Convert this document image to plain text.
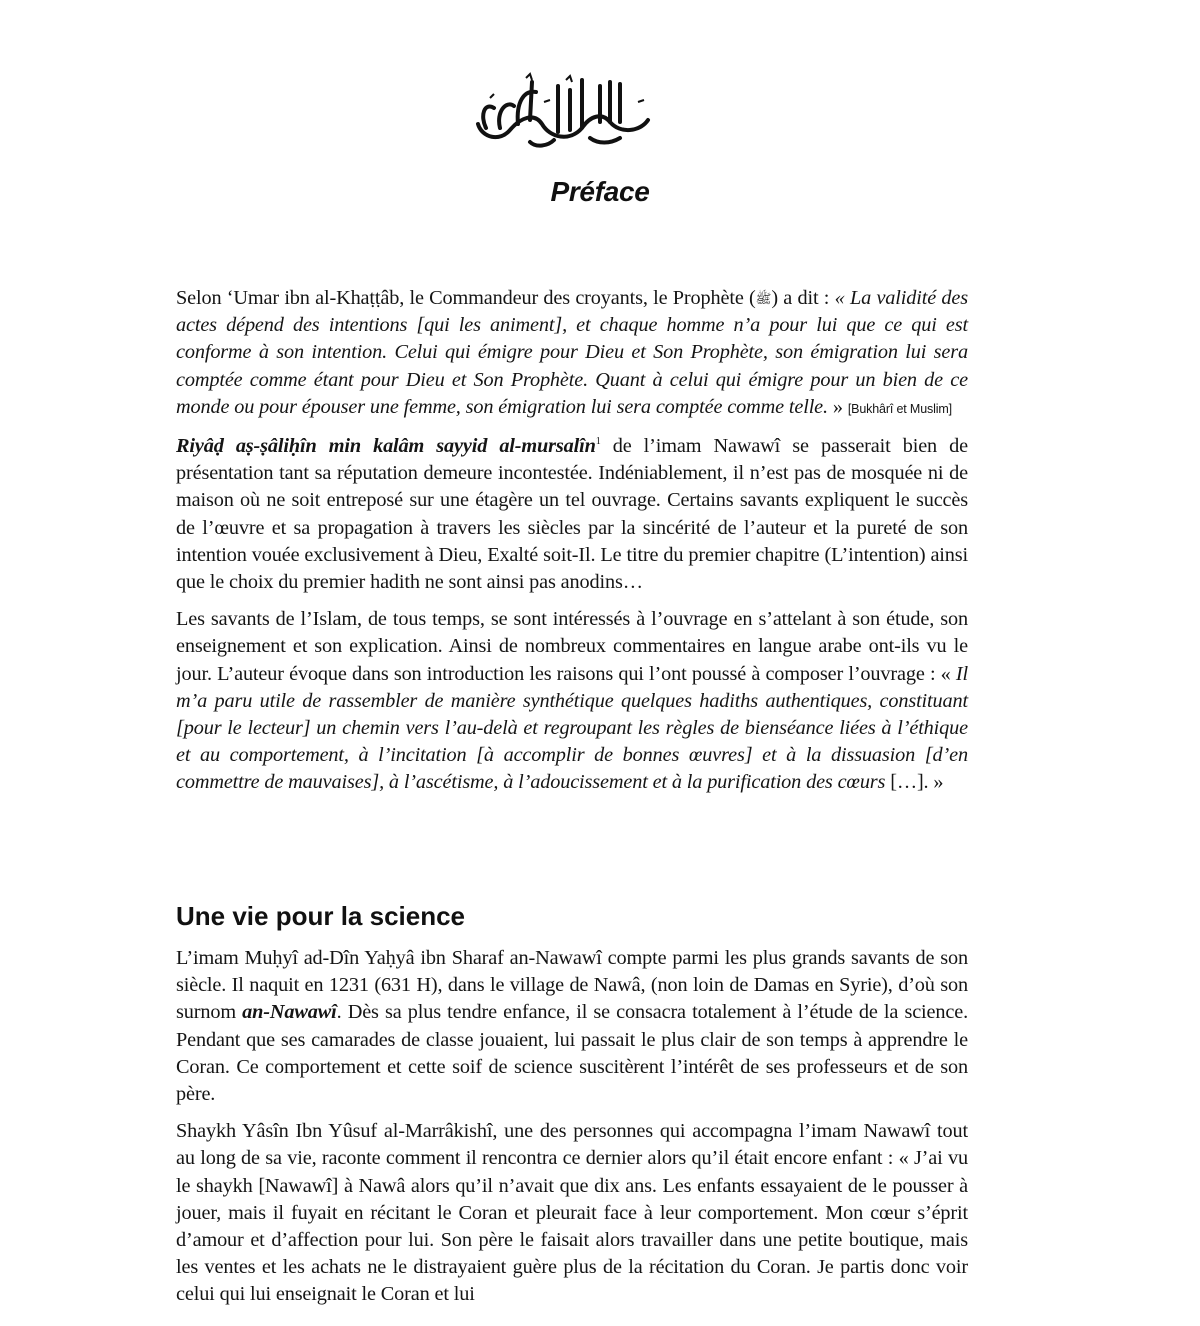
Préface

Selon ‘Umar ibn al-Khaṭṭâb, le Commandeur des croyants, le Prophète (ﷺ) a dit : « La validité des actes dépend des intentions [qui les animent], et chaque homme n’a pour lui que ce qui est conforme à son intention. Celui qui émigre pour Dieu et Son Prophète, son émigration lui sera comptée comme étant pour Dieu et Son Prophète. Quant à celui qui émigre pour un bien de ce monde ou pour épouser une femme, son émigration lui sera comptée comme telle. » [Bukhârî et Muslim]

Riyâḍ aṣ-ṣâliḥîn min kalâm sayyid al-mursalîn$^1$ de l’imam Nawawî se passerait bien de présentation tant sa réputation demeure incontestée. Indéniablement, il n’est pas de mosquée ni de maison où ne soit entreposé sur une étagère un tel ouvrage. Certains savants expliquent le succès de l’œuvre et sa propagation à travers les siècles par la sincérité de l’auteur et la pureté de son intention vouée exclusivement à Dieu, Exalté soit-Il. Le titre du premier chapitre (L’intention) ainsi que le choix du premier hadith ne sont ainsi pas anodins…

Les savants de l’Islam, de tous temps, se sont intéressés à l’ouvrage en s’attelant à son étude, son enseignement et son explication. Ainsi de nombreux commentaires en langue arabe ont-ils vu le jour. L’auteur évoque dans son introduction les raisons qui l’ont poussé à composer l’ouvrage : « Il m’a paru utile de rassembler de manière synthétique quelques hadiths authentiques, constituant [pour le lecteur] un chemin vers l’au-delà et regroupant les règles de bienséance liées à l’éthique et au comportement, à l’incitation [à accomplir de bonnes œuvres] et à la dissuasion [d’en commettre de mauvaises], à l’ascétisme, à l’adoucissement et à la purification des cœurs […]. »

Une vie pour la science

L’imam Muḥyî ad-Dîn Yaḥyâ ibn Sharaf an-Nawawî compte parmi les plus grands savants de son siècle. Il naquit en 1231 (631 H), dans le village de Nawâ, (non loin de Damas en Syrie), d’où son surnom an-Nawawî. Dès sa plus tendre enfance, il se consacra totalement à l’étude de la science. Pendant que ses camarades de classe jouaient, lui passait le plus clair de son temps à apprendre le Coran. Ce comportement et cette soif de science suscitèrent l’intérêt de ses professeurs et de son père.

Shaykh Yâsîn Ibn Yûsuf al-Marrâkishî, une des personnes qui accompagna l’imam Nawawî tout au long de sa vie, raconte comment il rencontra ce dernier alors qu’il était encore enfant : « J’ai vu le shaykh [Nawawî] à Nawâ alors qu’il n’avait que dix ans. Les enfants essayaient de le pousser à jouer, mais il fuyait en récitant le Coran et pleurait face à leur comportement. Mon cœur s’éprit d’amour et d’affection pour lui. Son père le faisait alors travailler dans une petite boutique, mais les ventes et les achats ne le distrayaient guère plus de la récitation du Coran. Je partis donc voir celui qui lui enseignait le Coran et lui
